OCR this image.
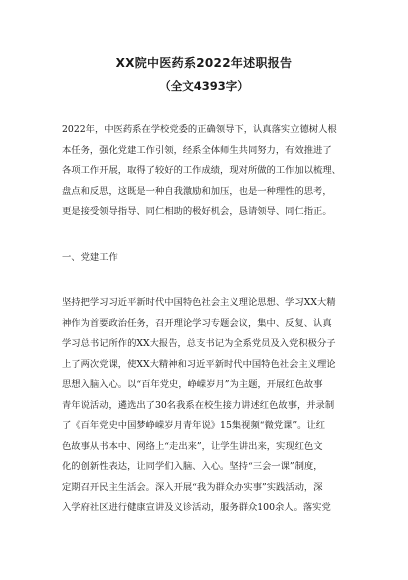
XX院中医药系2022年述职报告
（全文4393字）
2022年，中医药系在学校党委的正确领导下，认真落实立德树人根
本任务，强化党建工作引领，经系全体师生共同努力，有效推进了
各项工作开展，取得了较好的工作成绩，现对所做的工作加以梳理、
盘点和反思，这既是一种自我激励和加压，也是一种理性的思考，
更是接受领导指导、同仁相助的极好机会，恳请领导、同仁指正。
一、党建工作
坚持把学习习近平新时代中国特色社会主义理论思想、学习XX大精
神作为首要政治任务，召开理论学习专题会议，集中、反复、认真
学习总书记所作的XX大报告，总支书记为全系党员及入党积极分子
上了两次党课，使XX大精神和习近平新时代中国特色社会主义理论
思想入脑入心。以“百年党史，峥嵘岁月”为主题，开展红色故事
青年说活动，遴选出了30名我系在校生接力讲述红色故事，并录制
了《百年党史中国梦峥嵘岁月青年说》15集视频“微党课”。让红
色故事从书本中、网络上“走出来”，让学生讲出来，实现红色文
化的创新性表达，让同学们入脑、入心。坚持“三会一课”制度，
定期召开民主生活会。深入开展“我为群众办实事”实践活动，深
入学府社区进行健康宣讲及义诊活动，服务群众100余人。落实党
